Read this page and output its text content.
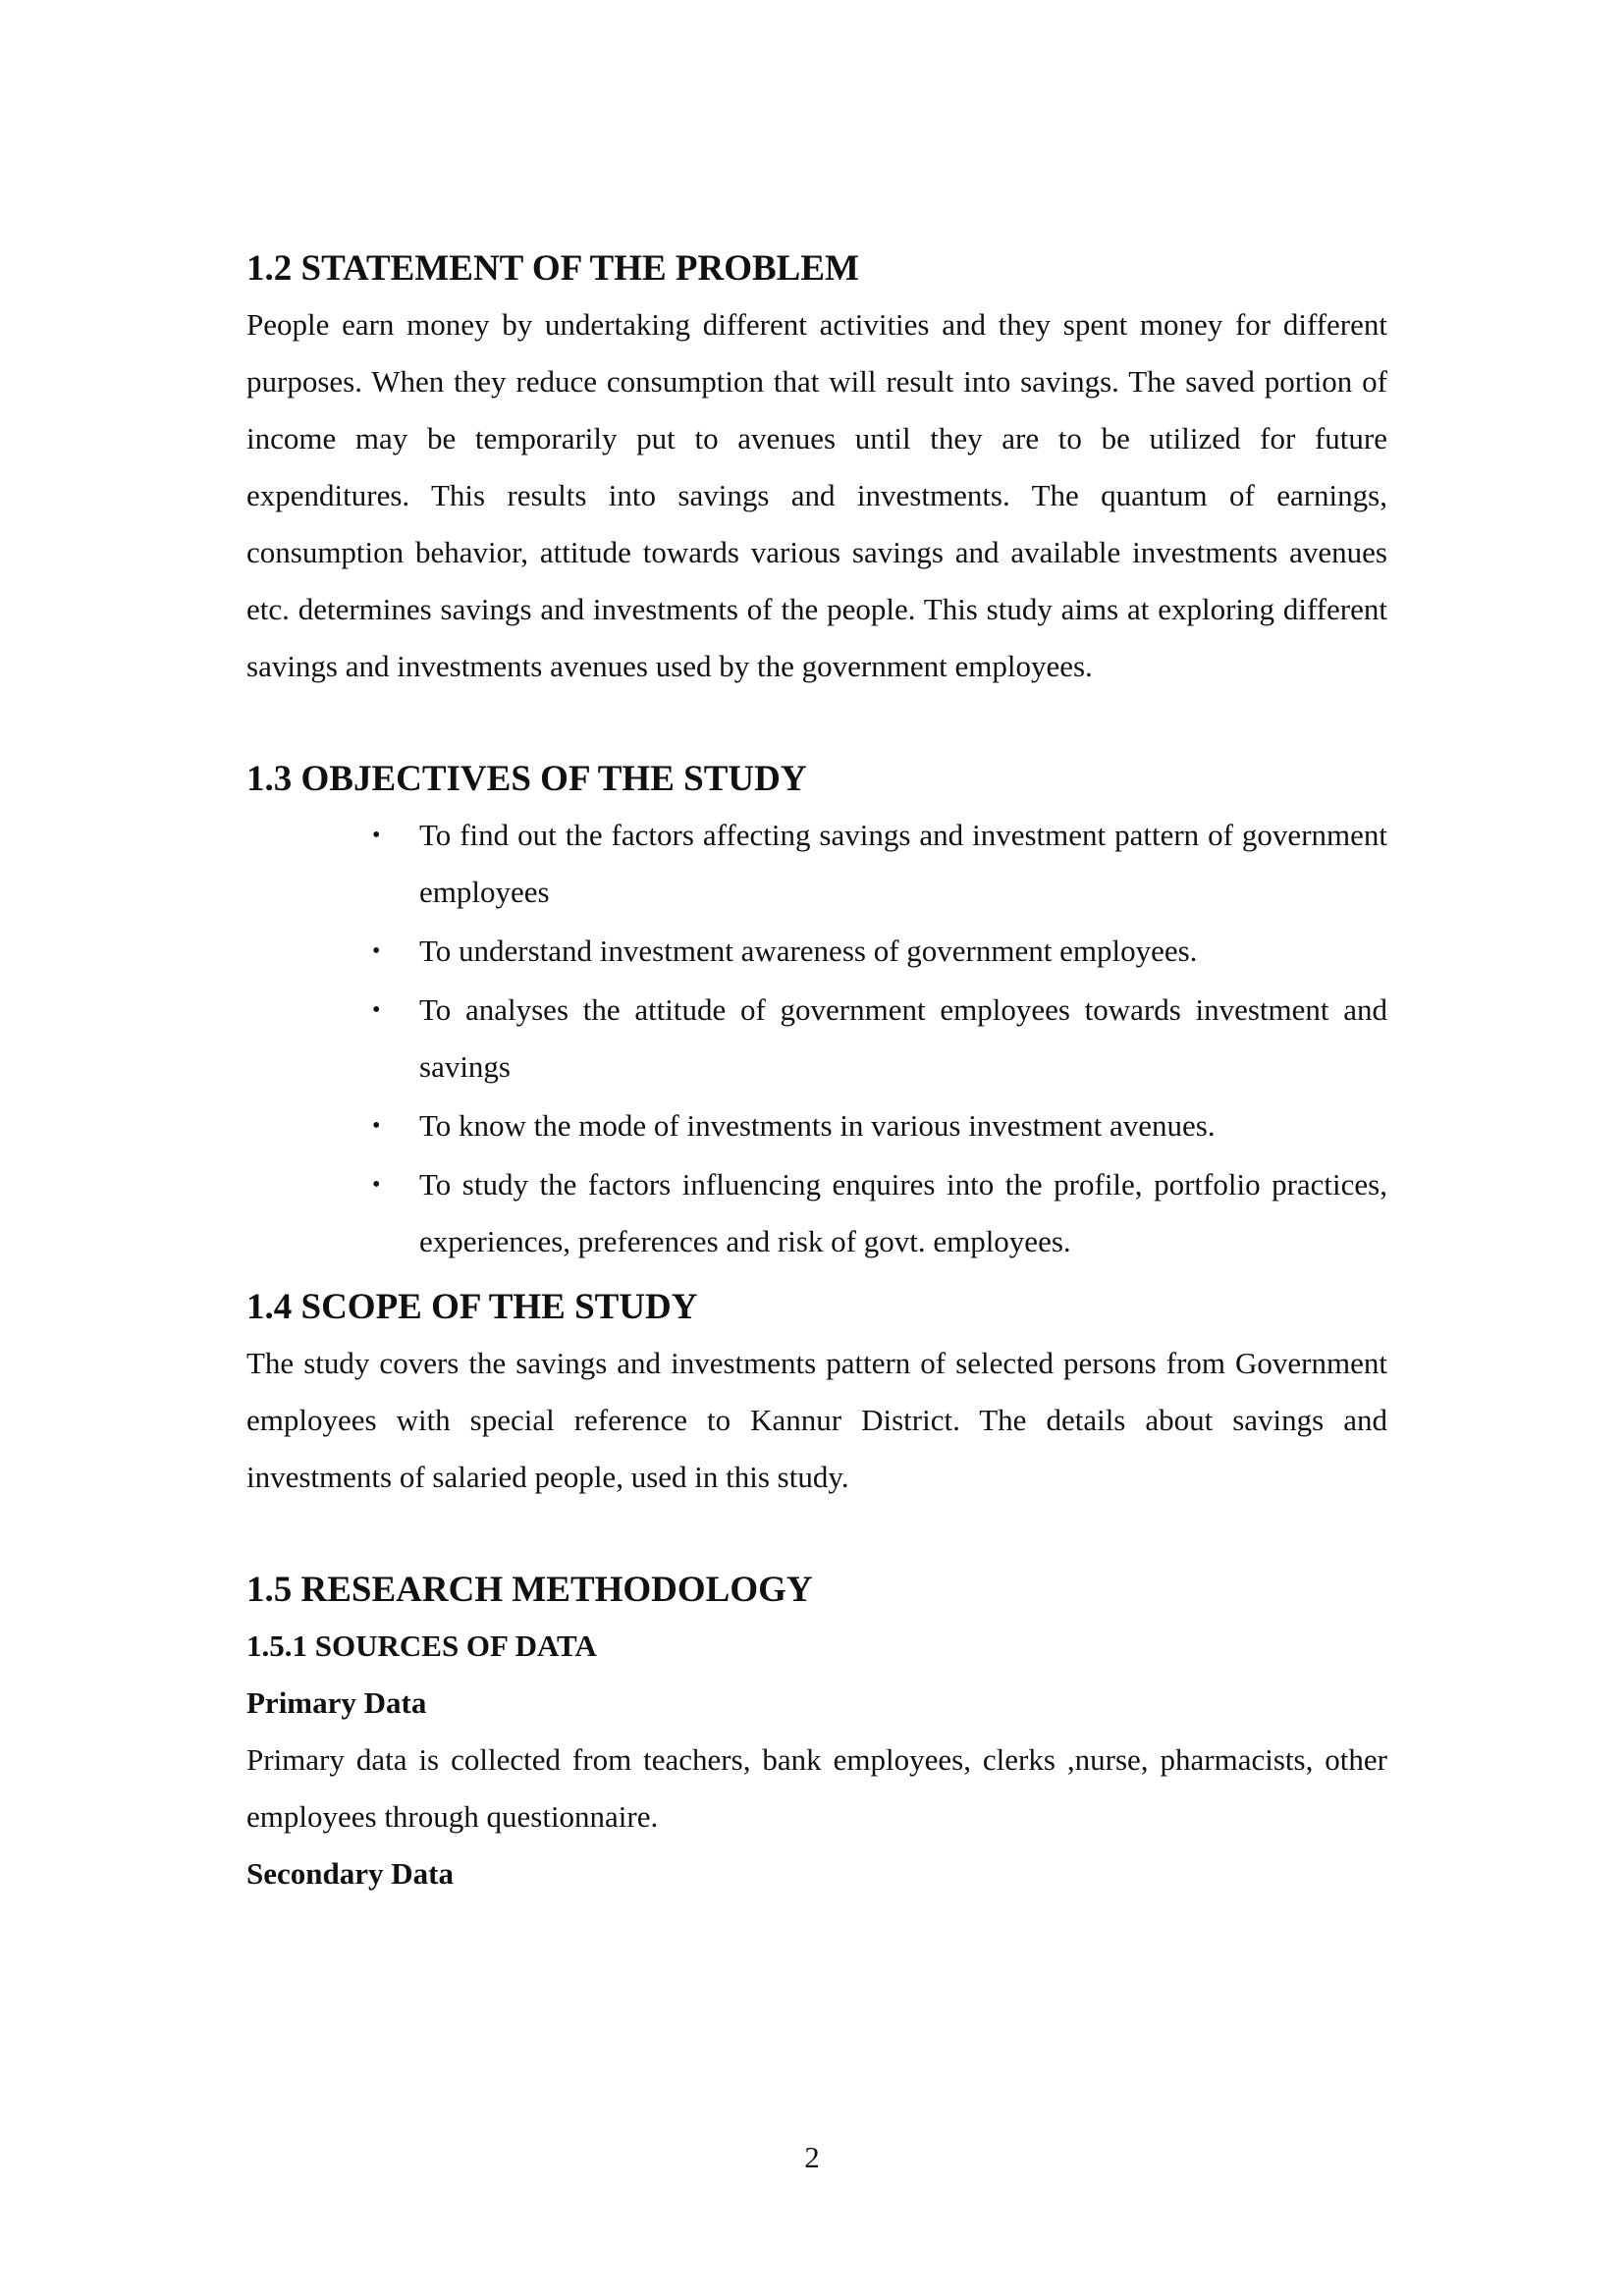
1.2 STATEMENT OF THE PROBLEM

People earn money by undertaking different activities and they spent money for different purposes. When they reduce consumption that will result into savings. The saved portion of income may be temporarily put to avenues until they are to be utilized for future expenditures. This results into savings and investments. The quantum of earnings, consumption behavior, attitude towards various savings and available investments avenues etc. determines savings and investments of the people. This study aims at exploring different savings and investments avenues used by the government employees.

1.3 OBJECTIVES OF THE STUDY
• To find out the factors affecting savings and investment pattern of government employees
• To understand investment awareness of government employees.
• To analyses the attitude of government employees towards investment and savings
• To know the mode of investments in various investment avenues.
• To study the factors influencing enquires into the profile, portfolio practices, experiences, preferences and risk of govt. employees.
1.4 SCOPE OF THE STUDY

The study covers the savings and investments pattern of selected persons from Government employees with special reference to Kannur District. The details about savings and investments of salaried people, used in this study.

1.5 RESEARCH METHODOLOGY
1.5.1 SOURCES OF DATA
Primary Data

Primary data is collected from teachers, bank employees, clerks ,nurse, pharmacists, other employees through questionnaire.

Secondary Data
2
